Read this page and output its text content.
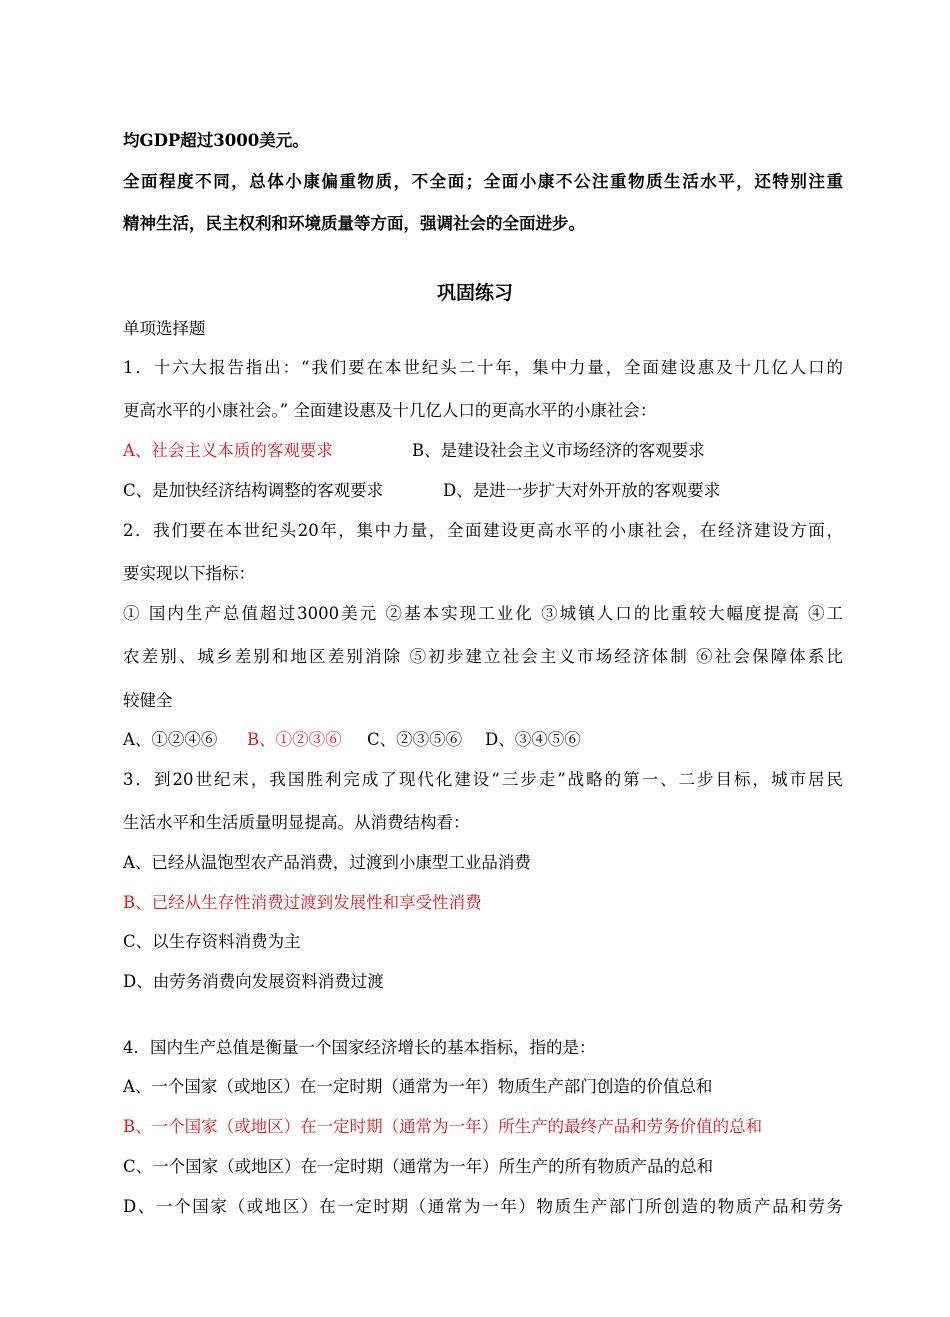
均GDP超过3000美元。
全面程度不同，总体小康偏重物质，不全面；全面小康不公注重物质生活水平，还特别注重
精神生活，民主权利和环境质量等方面，强调社会的全面进步。
巩固练习
单项选择题
1．十六大报告指出：“我们要在本世纪头二十年，集中力量，全面建设惠及十几亿人口的
更高水平的小康社会。” 全面建设惠及十几亿人口的更高水平的小康社会：
A、社会主义本质的客观要求	B、是建设社会主义市场经济的客观要求
C、是加快经济结构调整的客观要求	D、是进一步扩大对外开放的客观要求
2．我们要在本世纪头20年，集中力量，全面建设更高水平的小康社会，在经济建设方面，
要实现以下指标：
① 国内生产总值超过3000美元 ②基本实现工业化 ③城镇人口的比重较大幅度提高 ④工
农差别、城乡差别和地区差别消除 ⑤初步建立社会主义市场经济体制 ⑥社会保障体系比
较健全
A、①②④⑥ B、①②③⑥ C、②③⑤⑥ D、③④⑤⑥
3．到20世纪末，我国胜利完成了现代化建设“三步走”战略的第一、二步目标，城市居民
生活水平和生活质量明显提高。从消费结构看：
A、已经从温饱型农产品消费，过渡到小康型工业品消费
B、已经从生存性消费过渡到发展性和享受性消费
C、以生存资料消费为主
D、由劳务消费向发展资料消费过渡
4．国内生产总值是衡量一个国家经济增长的基本指标，指的是：
A、一个国家（或地区）在一定时期（通常为一年）物质生产部门创造的价值总和
B、一个国家（或地区）在一定时期（通常为一年）所生产的最终产品和劳务价值的总和
C、一个国家（或地区）在一定时期（通常为一年）所生产的所有物质产品的总和
D、一个国家（或地区）在一定时期（通常为一年）物质生产部门所创造的物质产品和劳务
